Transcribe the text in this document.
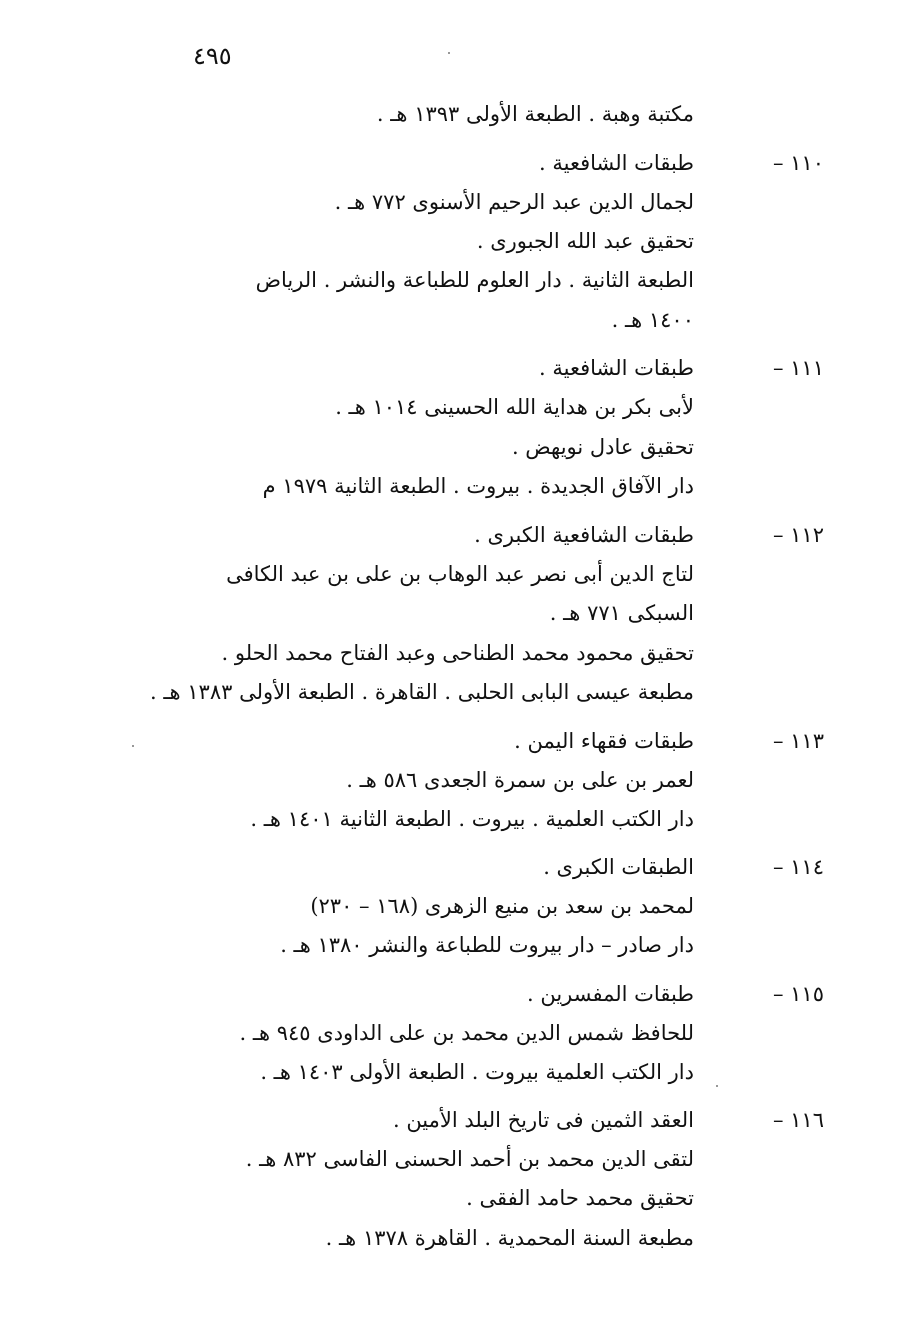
٤٩٥

مكتبة وهبة . الطبعة الأولى ١٣٩٣ هـ .

١١٠ –

طبقات الشافعية .

لجمال الدين عبد الرحيم الأسنوى ٧٧٢ هـ .

تحقيق عبد الله الجبورى .

الطبعة الثانية . دار العلوم للطباعة والنشر . الرياض

١٤٠٠ هـ .

١١١ –

طبقات الشافعية .

لأبى بكر بن هداية الله الحسينى ١٠١٤ هـ .

تحقيق عادل نويهض .

دار الآفاق الجديدة . بيروت . الطبعة الثانية ١٩٧٩ م

١١٢ –

طبقات الشافعية الكبرى .

لتاج الدين أبى نصر عبد الوهاب بن على بن عبد الكافى

السبكى ٧٧١ هـ .

تحقيق محمود محمد الطناحى وعبد الفتاح محمد الحلو .

مطبعة عيسى البابى الحلبى . القاهرة . الطبعة الأولى ١٣٨٣ هـ .

١١٣ –

طبقات فقهاء اليمن .

لعمر بن على بن سمرة الجعدى ٥٨٦ هـ .

دار الكتب العلمية . بيروت . الطبعة الثانية ١٤٠١ هـ .

١١٤ –

الطبقات الكبرى .

لمحمد بن سعد بن منيع الزهرى (١٦٨ – ٢٣٠)

دار صادر – دار بيروت للطباعة والنشر ١٣٨٠ هـ .

١١٥ –

طبقات المفسرين .

للحافظ شمس الدين محمد بن على الداودى ٩٤٥ هـ .

دار الكتب العلمية بيروت . الطبعة الأولى ١٤٠٣ هـ .

١١٦ –

العقد الثمين فى تاريخ البلد الأمين .

لتقى الدين محمد بن أحمد الحسنى الفاسى ٨٣٢ هـ .

تحقيق محمد حامد الفقى .

مطبعة السنة المحمدية . القاهرة ١٣٧٨ هـ .
